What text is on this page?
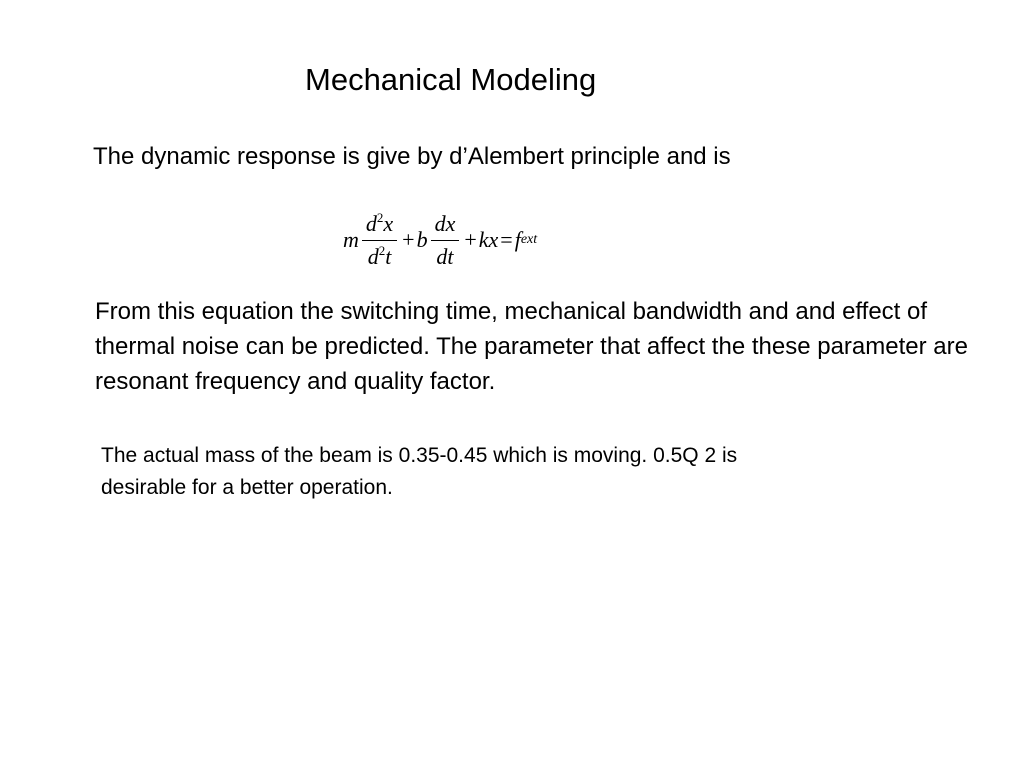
Mechanical Modeling
The dynamic response is give by d’Alembert principle and is
m $\frac{d^2x}{d^2t} + b \frac{dx}{dt}$ + kx = f ext
From this equation the switching time, mechanical bandwidth and and effect of thermal noise can be predicted. The parameter that affect the these parameter are resonant frequency and quality factor.
The actual mass of the beam is 0.35-0.45 which is moving. 0.5Q 2 is
desirable for a better operation.
